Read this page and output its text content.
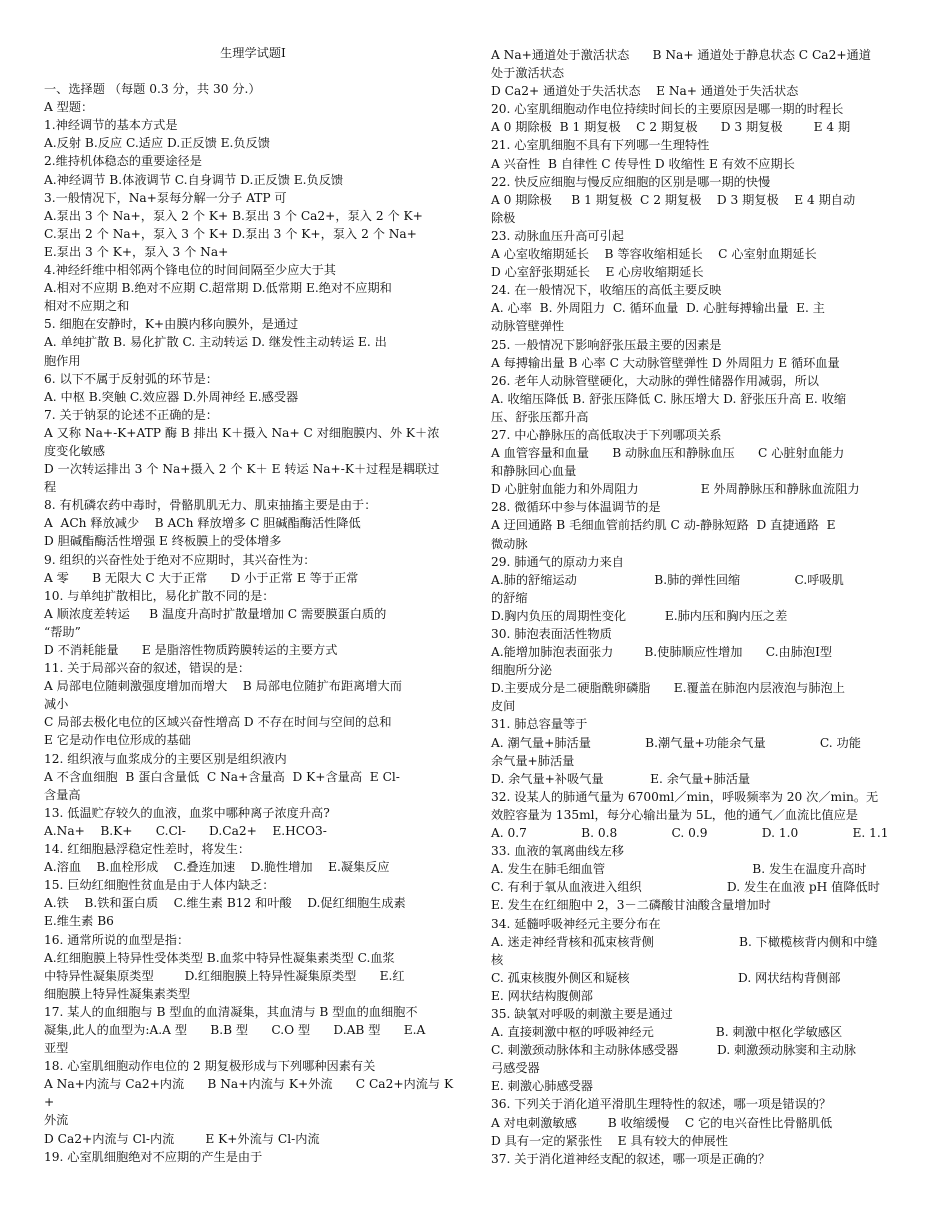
生理学试题Ⅰ
一、选择题 （每题 0.3 分，共 30 分.）
A 型题：
1.神经调节的基本方式是
A.反射 B.反应 C.适应 D.正反馈 E.负反馈
2.维持机体稳态的重要途径是
A.神经调节 B.体液调节 C.自身调节 D.正反馈 E.负反馈
3.一般情况下，Na+泵每分解一分子 ATP 可
A.泵出 3 个 Na+，泵入 2 个 K+ B.泵出 3 个 Ca2+，泵入 2 个 K+
C.泵出 2 个 Na+，泵入 3 个 K+ D.泵出 3 个 K+，泵入 2 个 Na+
E.泵出 3 个 K+，泵入 3 个 Na+
4.神经纤维中相邻两个锋电位的时间间隔至少应大于其
A.相对不应期 B.绝对不应期 C.超常期 D.低常期 E.绝对不应期和
相对不应期之和
5. 细胞在安静时，K+由膜内移向膜外，是通过
A. 单纯扩散 B. 易化扩散 C. 主动转运 D. 继发性主动转运 E. 出
胞作用
6. 以下不属于反射弧的环节是：
A. 中枢 B.突触 C.效应器 D.外周神经 E.感受器
7. 关于钠泵的论述不正确的是：
A 又称 Na+-K+ATP 酶 B 排出 K＋摄入 Na+ C 对细胞膜内、外 K＋浓
度变化敏感
D 一次转运排出 3 个 Na+摄入 2 个 K＋ E 转运 Na+-K＋过程是耦联过
程
8. 有机磷农药中毒时，骨骼肌肌无力、肌束抽搐主要是由于：
A  ACh 释放减少    B ACh 释放增多 C 胆碱酯酶活性降低
D 胆碱酯酶活性增强 E 终板膜上的受体增多
9. 组织的兴奋性处于绝对不应期时，其兴奋性为：
A 零      B 无限大 C 大于正常      D 小于正常 E 等于正常
10. 与单纯扩散相比，易化扩散不同的是：
A 顺浓度差转运     B 温度升高时扩散量增加 C 需要膜蛋白质的
“帮助”
D 不消耗能量      E 是脂溶性物质跨膜转运的主要方式
11. 关于局部兴奋的叙述，错误的是：
A 局部电位随刺激强度增加而增大    B 局部电位随扩布距离增大而
减小
C 局部去极化电位的区域兴奋性增高 D 不存在时间与空间的总和
E 它是动作电位形成的基础
12. 组织液与血浆成分的主要区别是组织液内
A 不含血细胞  B 蛋白含量低  C Na+含量高  D K+含量高  E Cl-
含量高
13. 低温贮存较久的血液，血浆中哪种离子浓度升高?
A.Na+    B.K+      C.Cl-      D.Ca2+    E.HCO3-
14. 红细胞悬浮稳定性差时，将发生：
A.溶血    B.血栓形成    C.叠连加速    D.脆性增加    E.凝集反应
15. 巨幼红细胞性贫血是由于人体内缺乏：
A.铁    B.铁和蛋白质    C.维生素 B12 和叶酸    D.促红细胞生成素
E.维生素 B6
16. 通常所说的血型是指：
A.红细胞膜上特异性受体类型 B.血浆中特异性凝集素类型 C.血浆
中特异性凝集原类型        D.红细胞膜上特异性凝集原类型      E.红
细胞膜上特异性凝集素类型
17. 某人的血细胞与 B 型血的血清凝集，其血清与 B 型血的血细胞不
凝集,此人的血型为:A.A 型      B.B 型      C.O 型      D.AB 型      E.A
亚型
18. 心室肌细胞动作电位的 2 期复极形成与下列哪种因素有关
A Na+内流与 Ca2+内流      B Na+内流与 K+外流      C Ca2+内流与 K+
外流
D Ca2+内流与 Cl-内流        E K+外流与 Cl-内流
19. 心室肌细胞绝对不应期的产生是由于
A Na+通道处于激活状态      B Na+ 通道处于静息状态 C Ca2+通道
处于激活状态
D Ca2+ 通道处于失活状态    E Na+ 通道处于失活状态
20. 心室肌细胞动作电位持续时间长的主要原因是哪一期的时程长
A 0 期除极  B 1 期复极    C 2 期复极      D 3 期复极        E 4 期
21. 心室肌细胞不具有下列哪一生理特性
A 兴奋性  B 自律性 C 传导性 D 收缩性 E 有效不应期长
22. 快反应细胞与慢反应细胞的区别是哪一期的快慢
A 0 期除极     B 1 期复极  C 2 期复极    D 3 期复极    E 4 期自动
除极
23. 动脉血压升高可引起
A 心室收缩期延长    B 等容收缩相延长    C 心室射血期延长
D 心室舒张期延长    E 心房收缩期延长
24. 在一般情况下，收缩压的高低主要反映
A. 心率  B. 外周阻力  C. 循环血量  D. 心脏每搏输出量  E. 主
动脉管壁弹性
25. 一般情况下影响舒张压最主要的因素是
A 每搏输出量 B 心率 C 大动脉管壁弹性 D 外周阻力 E 循环血量
26. 老年人动脉管壁硬化，大动脉的弹性储器作用减弱，所以
A. 收缩压降低 B. 舒张压降低 C. 脉压增大 D. 舒张压升高 E. 收缩
压、舒张压都升高
27. 中心静脉压的高低取决于下列哪项关系
A 血管容量和血量      B 动脉血压和静脉血压      C 心脏射血能力
和静脉回心血量
D 心脏射血能力和外周阻力                E 外周静脉压和静脉血流阻力
28. 微循环中参与体温调节的是
A 迂回通路 B 毛细血管前括约肌 C 动-静脉短路  D 直捷通路  E
微动脉
29. 肺通气的原动力来自
A.肺的舒缩运动                    B.肺的弹性回缩              C.呼吸肌
的舒缩
D.胸内负压的周期性变化          E.肺内压和胸内压之差
30. 肺泡表面活性物质
A.能增加肺泡表面张力        B.使肺顺应性增加      C.由肺泡Ⅰ型
细胞所分泌
D.主要成分是二硬脂酰卵磷脂      E.覆盖在肺泡内层液泡与肺泡上
皮间
31. 肺总容量等于
A. 潮气量+肺活量              B.潮气量+功能余气量              C. 功能
余气量+肺活量
D. 余气量+补吸气量            E. 余气量+肺活量
32. 设某人的肺通气量为 6700ml／min，呼吸频率为 20 次／min。无
效腔容量为 135ml，每分心输出量为 5L，他的通气／血流比值应是
A. 0.7              B. 0.8              C. 0.9              D. 1.0              E. 1.1
33. 血液的氧离曲线左移
A. 发生在肺毛细血管                                      B. 发生在温度升高时
C. 有利于氧从血液进入组织                      D. 发生在血液 pH 值降低时
E. 发生在红细胞中 2，3－二磷酸甘油酸含量增加时
34. 延髓呼吸神经元主要分布在
A. 迷走神经背核和孤束核背侧                      B. 下橄榄核背内侧和中缝
核
C. 孤束核腹外侧区和疑核                            D. 网状结构背侧部
E. 网状结构腹侧部
35. 缺氧对呼吸的刺激主要是通过
A. 直接刺激中枢的呼吸神经元                B. 刺激中枢化学敏感区
C. 刺激颈动脉体和主动脉体感受器          D. 刺激颈动脉窦和主动脉
弓感受器
E. 刺激心肺感受器
36. 下列关于消化道平滑肌生理特性的叙述，哪一项是错误的？
A 对电刺激敏感        B 收缩缓慢    C 它的电兴奋性比骨骼肌低
D 具有一定的紧张性    E 具有较大的伸展性
37. 关于消化道神经支配的叙述，哪一项是正确的？
